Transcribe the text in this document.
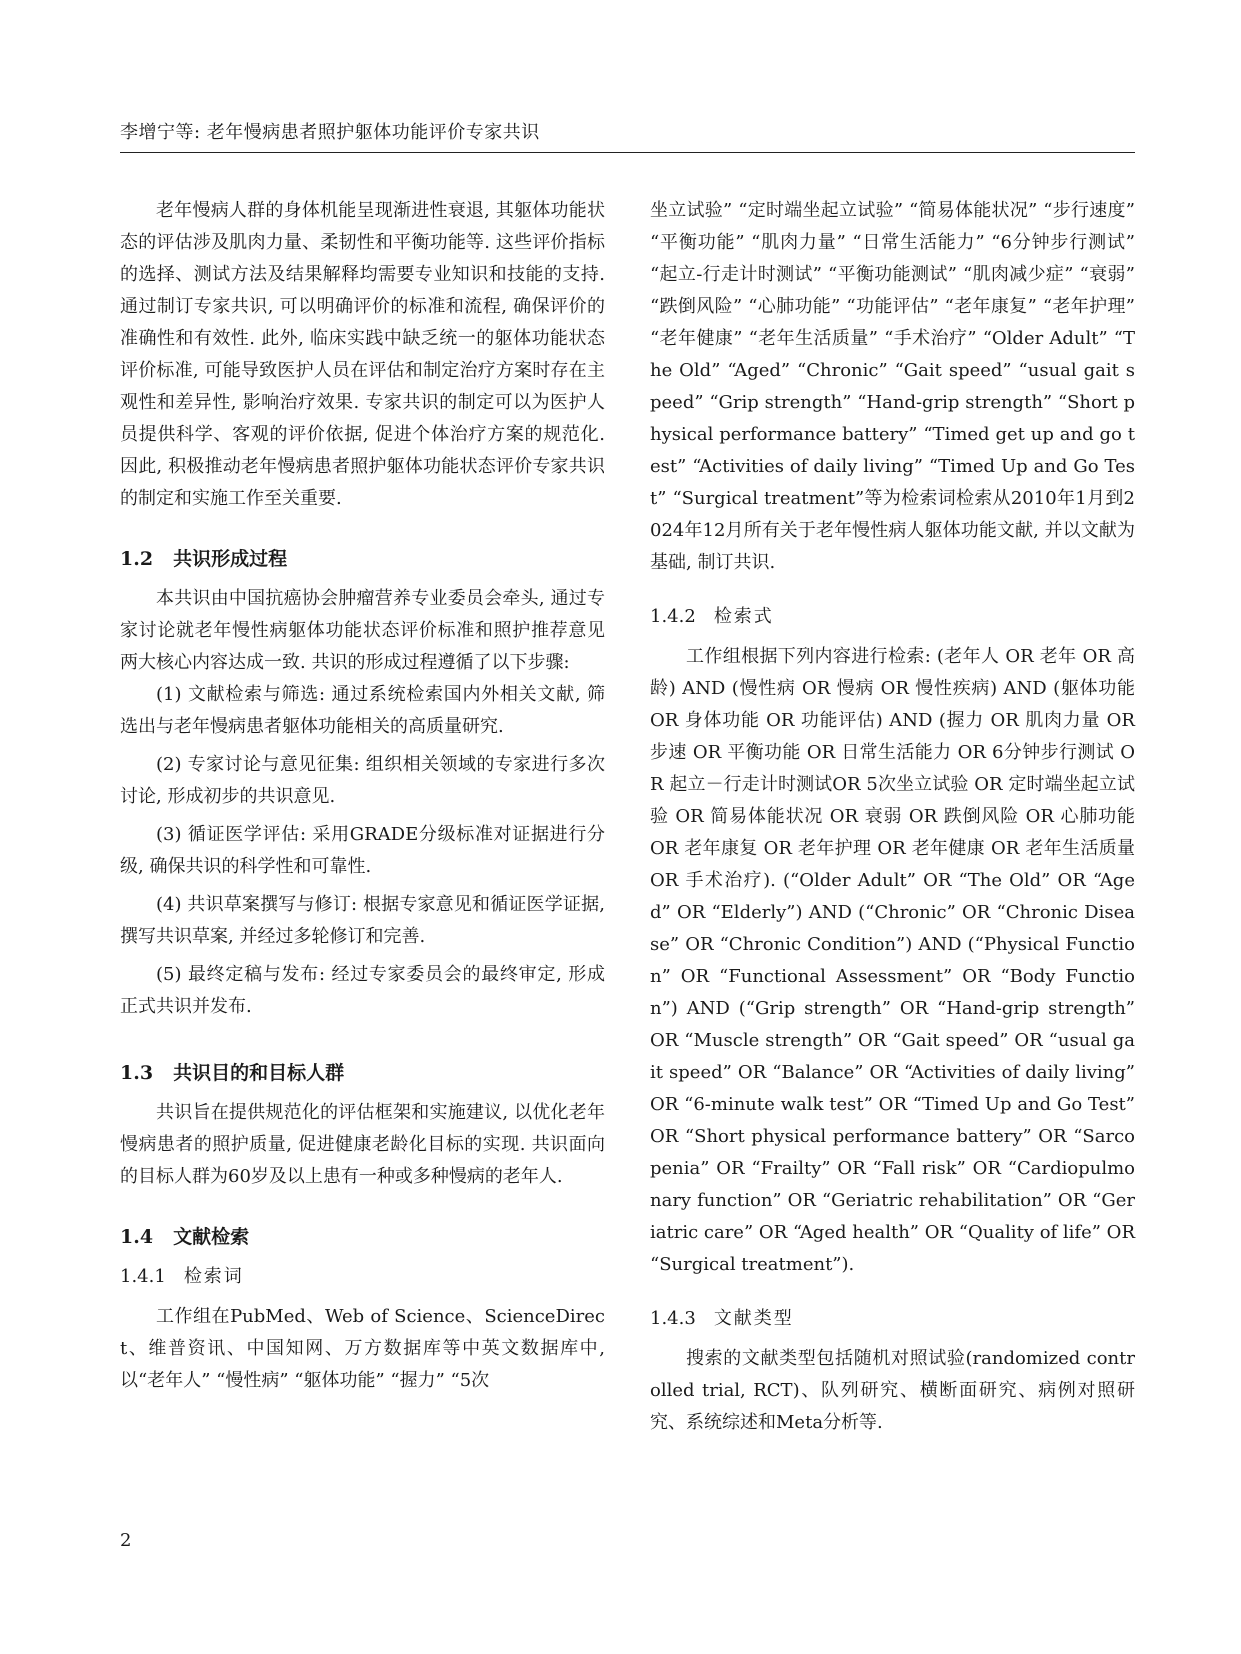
李增宁等: 老年慢病患者照护躯体功能评价专家共识

老年慢病人群的身体机能呈现渐进性衰退, 其躯体功能状态的评估涉及肌肉力量、柔韧性和平衡功能等. 这些评价指标的选择、测试方法及结果解释均需要专业知识和技能的支持. 通过制订专家共识, 可以明确评价的标准和流程, 确保评价的准确性和有效性. 此外, 临床实践中缺乏统一的躯体功能状态评价标准, 可能导致医护人员在评估和制定治疗方案时存在主观性和差异性, 影响治疗效果. 专家共识的制定可以为医护人员提供科学、客观的评价依据, 促进个体治疗方案的规范化. 因此, 积极推动老年慢病患者照护躯体功能状态评价专家共识的制定和实施工作至关重要.

1.2 共识形成过程

本共识由中国抗癌协会肿瘤营养专业委员会牵头, 通过专家讨论就老年慢性病躯体功能状态评价标准和照护推荐意见两大核心内容达成一致. 共识的形成过程遵循了以下步骤:

(1) 文献检索与筛选: 通过系统检索国内外相关文献, 筛选出与老年慢病患者躯体功能相关的高质量研究.

(2) 专家讨论与意见征集: 组织相关领域的专家进行多次讨论, 形成初步的共识意见.

(3) 循证医学评估: 采用GRADE分级标准对证据进行分级, 确保共识的科学性和可靠性.

(4) 共识草案撰写与修订: 根据专家意见和循证医学证据, 撰写共识草案, 并经过多轮修订和完善.

(5) 最终定稿与发布: 经过专家委员会的最终审定, 形成正式共识并发布.

1.3 共识目的和目标人群

共识旨在提供规范化的评估框架和实施建议, 以优化老年慢病患者的照护质量, 促进健康老龄化目标的实现. 共识面向的目标人群为60岁及以上患有一种或多种慢病的老年人.

1.4 文献检索
1.4.1 检索词

工作组在PubMed、Web of Science、ScienceDirect、维普资讯、中国知网、万方数据库等中英文数据库中, 以“老年人” “慢性病” “躯体功能” “握力” “5次

坐立试验” “定时端坐起立试验” “简易体能状况” “步行速度” “平衡功能” “肌肉力量” “日常生活能力” “6分钟步行测试” “起立-行走计时测试” “平衡功能测试” “肌肉减少症” “衰弱” “跌倒风险” “心肺功能” “功能评估” “老年康复” “老年护理” “老年健康” “老年生活质量” “手术治疗” “Older Adult” “The Old” “Aged” “Chronic” “Gait speed” “usual gait speed” “Grip strength” “Hand-grip strength” “Short physical performance battery” “Timed get up and go test” “Activities of daily living” “Timed Up and Go Test” “Surgical treatment”等为检索词检索从2010年1月到2024年12月所有关于老年慢性病人躯体功能文献, 并以文献为基础, 制订共识.

1.4.2 检索式

工作组根据下列内容进行检索: (老年人 OR 老年 OR 高龄) AND (慢性病 OR 慢病 OR 慢性疾病) AND (躯体功能 OR 身体功能 OR 功能评估) AND (握力 OR 肌肉力量 OR 步速 OR 平衡功能 OR 日常生活能力 OR 6分钟步行测试 OR 起立－行走计时测试OR 5次坐立试验 OR 定时端坐起立试验 OR 简易体能状况 OR 衰弱 OR 跌倒风险 OR 心肺功能 OR 老年康复 OR 老年护理 OR 老年健康 OR 老年生活质量 OR 手术治疗). (“Older Adult” OR “The Old” OR “Aged” OR “Elderly”) AND (“Chronic” OR “Chronic Disease” OR “Chronic Condition”) AND (“Physical Function” OR “Functional Assessment” OR “Body Function”) AND (“Grip strength” OR “Hand-grip strength” OR “Muscle strength” OR “Gait speed” OR “usual gait speed” OR “Balance” OR “Activities of daily living” OR “6-minute walk test” OR “Timed Up and Go Test” OR “Short physical performance battery” OR “Sarcopenia” OR “Frailty” OR “Fall risk” OR “Cardiopulmonary function” OR “Geriatric rehabilitation” OR “Geriatric care” OR “Aged health” OR “Quality of life” OR “Surgical treatment”).

1.4.3 文献类型

搜索的文献类型包括随机对照试验(randomized controlled trial, RCT)、队列研究、横断面研究、病例对照研究、系统综述和Meta分析等.

2
